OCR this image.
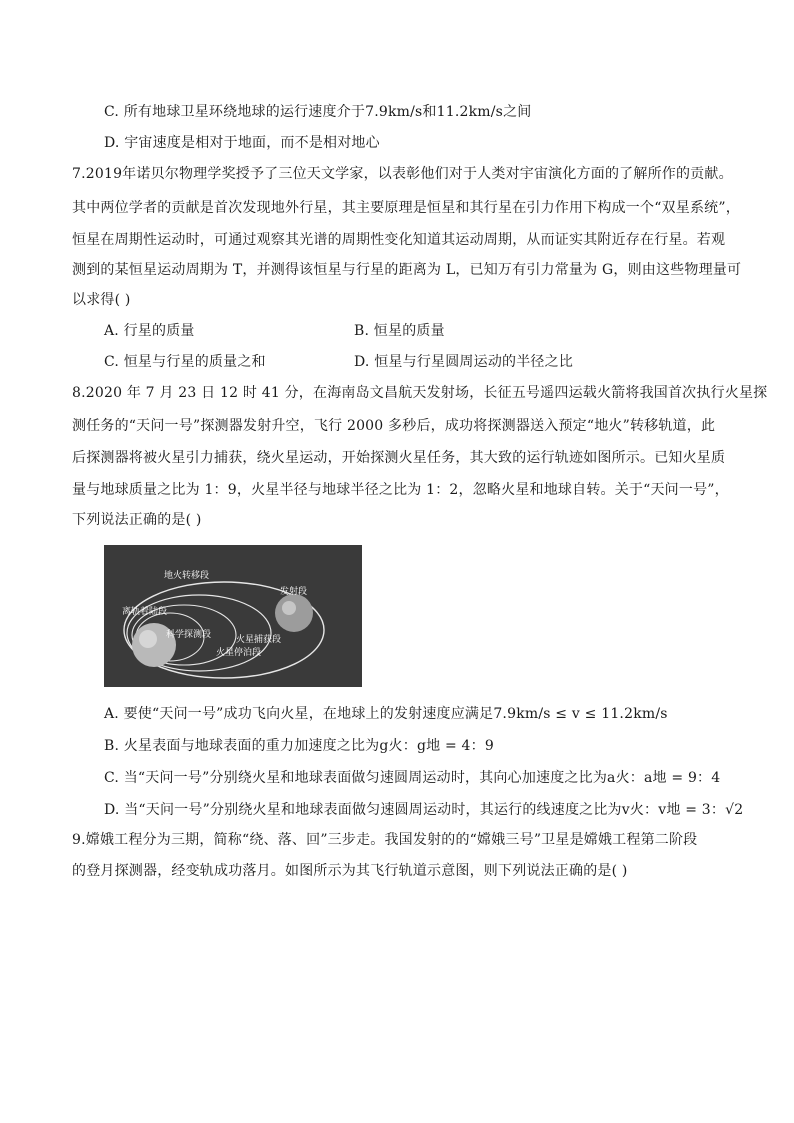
C. 所有地球卫星环绕地球的运行速度介于7.9km/s和11.2km/s之间
D. 宇宙速度是相对于地面，而不是相对地心
7.2019年诺贝尔物理学奖授予了三位天文学家，以表彰他们对于人类对宇宙演化方面的了解所作的贡献。
其中两位学者的贡献是首次发现地外行星，其主要原理是恒星和其行星在引力作用下构成一个“双星系统”，
恒星在周期性运动时，可通过观察其光谱的周期性变化知道其运动周期，从而证实其附近存在行星。若观
测到的某恒星运动周期为 T，并测得该恒星与行星的距离为 L，已知万有引力常量为 G，则由这些物理量可
以求得( )
A. 行星的质量	B. 恒星的质量
C. 恒星与行星的质量之和	D. 恒星与行星圆周运动的半径之比
8.2020 年 7 月 23 日 12 时 41 分，在海南岛文昌航天发射场，长征五号遥四运载火箭将我国首次执行火星探
测任务的“天问一号”探测器发射升空，飞行 2000 多秒后，成功将探测器送入预定“地火”转移轨道，此
后探测器将被火星引力捕获，绕火星运动，开始探测火星任务，其大致的运行轨迹如图所示。已知火星质
量与地球质量之比为 1：9，火星半径与地球半径之比为 1：2，忽略火星和地球自转。关于“天问一号”，
下列说法正确的是( )
地火转移段
发射段
离轨着陆段
科学探测段	火星捕获段
火星停泊段
A. 要使“天问一号”成功飞向火星，在地球上的发射速度应满足7.9km/s ≤ v ≤ 11.2km/s
B. 火星表面与地球表面的重力加速度之比为g火：g地 = 4：9
C. 当“天问一号”分别绕火星和地球表面做匀速圆周运动时，其向心加速度之比为a火：a地 = 9：4
D. 当“天问一号”分别绕火星和地球表面做匀速圆周运动时，其运行的线速度之比为v火：v地 = 3：√2
9.嫦娥工程分为三期，简称“绕、落、回”三步走。我国发射的的“嫦娥三号”卫星是嫦娥工程第二阶段
的登月探测器，经变轨成功落月。如图所示为其飞行轨道示意图，则下列说法正确的是( )
